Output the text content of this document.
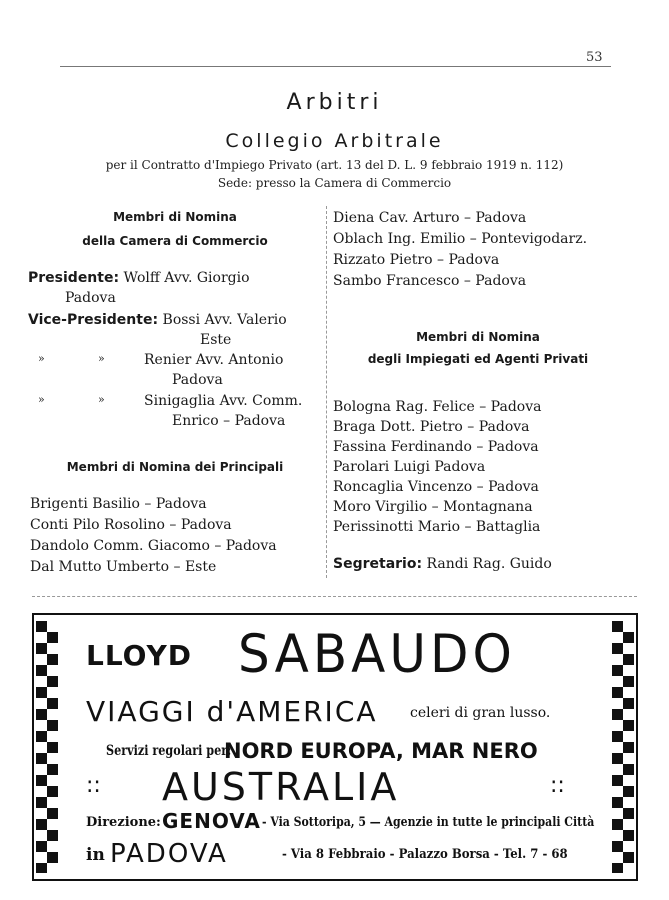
53
Arbitri
Collegio Arbitrale
per il Contratto d'Impiego Privato (art. 13 del D. L. 9 febbraio 1919 n. 112)
Sede: presso la Camera di Commercio
Membri di Nomina
della Camera di Commercio
Presidente: Wolff Avv. Giorgio
Padova
Vice-Presidente: Bossi Avv. Valerio
Este
»	»	Renier Avv. Antonio
Padova
»	»	Sinigaglia Avv. Comm.
Enrico – Padova
Membri di Nomina dei Principali
Brigenti Basilio – Padova
Conti Pilo Rosolino – Padova
Dandolo Comm. Giacomo – Padova
Dal Mutto Umberto – Este
Diena Cav. Arturo – Padova
Oblach Ing. Emilio – Pontevigodarz.
Rizzato Pietro – Padova
Sambo Francesco – Padova
Membri di Nomina
degli Impiegati ed Agenti Privati
Bologna Rag. Felice – Padova
Braga Dott. Pietro – Padova
Fassina Ferdinando – Padova
Parolari Luigi Padova
Roncaglia Vincenzo – Padova
Moro Virgilio – Montagnana
Perissinotti Mario – Battaglia
Segretario: Randi Rag. Guido
LLOYD SABAUDO
VIAGGI d'AMERICA celeri di gran lusso.
Servizi regolari per:
NORD EUROPA, MAR NERO
:: AUSTRALIA	::
Direzione: GENOVA - Via Sottoripa, 5 — Agenzie in tutte le principali Città
in PADOVA	- Via 8 Febbraio - Palazzo Borsa - Tel. 7 - 68
